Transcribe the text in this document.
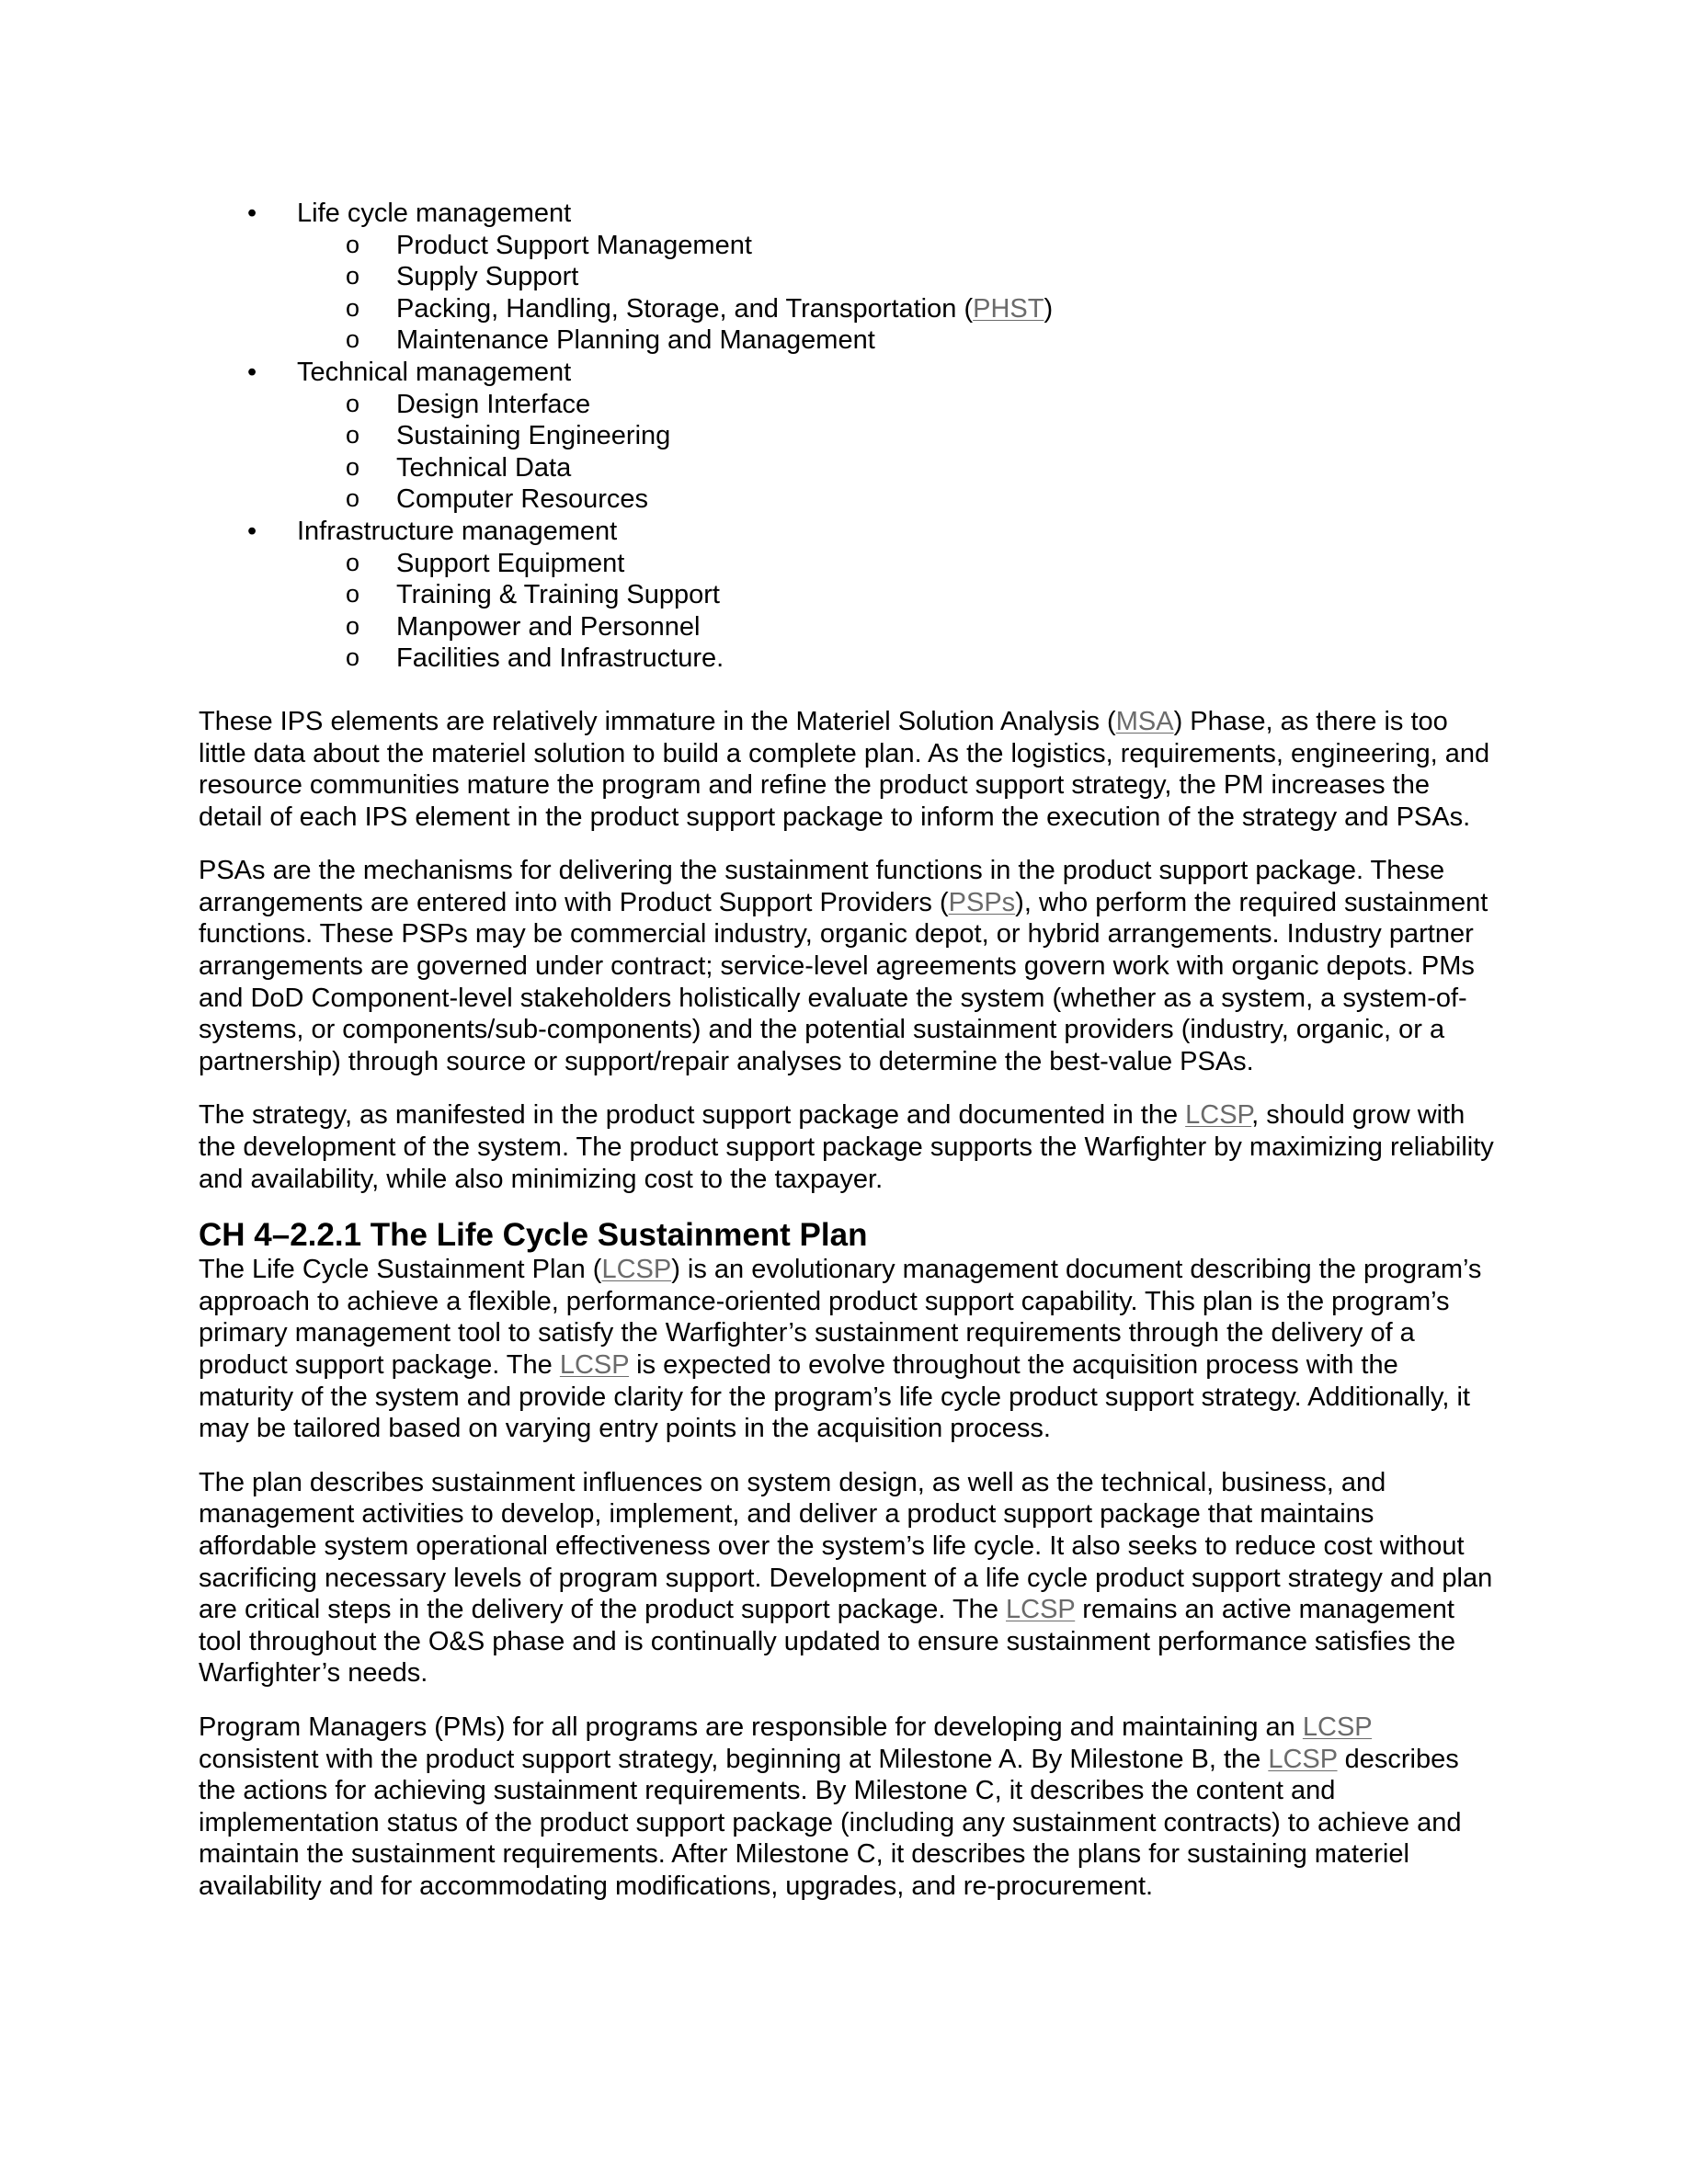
•	Life cycle management
o	Product Support Management
o	Supply Support
o	Packing, Handling, Storage, and Transportation (PHST)
o	Maintenance Planning and Management
•	Technical management
o	Design Interface
o	Sustaining Engineering
o	Technical Data
o	Computer Resources
•	Infrastructure management
o	Support Equipment
o	Training & Training Support
o	Manpower and Personnel
o	Facilities and Infrastructure.

These IPS elements are relatively immature in the Materiel Solution Analysis (MSA) Phase, as there is too little data about the materiel solution to build a complete plan. As the logistics, requirements, engineering, and resource communities mature the program and refine the product support strategy, the PM increases the detail of each IPS element in the product support package to inform the execution of the strategy and PSAs.

PSAs are the mechanisms for delivering the sustainment functions in the product support package. These arrangements are entered into with Product Support Providers (PSPs), who perform the required sustainment functions. These PSPs may be commercial industry, organic depot, or hybrid arrangements. Industry partner arrangements are governed under contract; service-level agreements govern work with organic depots. PMs and DoD Component-level stakeholders holistically evaluate the system (whether as a system, a system-of-systems, or components/sub-components) and the potential sustainment providers (industry, organic, or a partnership) through source or support/repair analyses to determine the best-value PSAs.

The strategy, as manifested in the product support package and documented in the LCSP, should grow with the development of the system. The product support package supports the Warfighter by maximizing reliability and availability, while also minimizing cost to the taxpayer.

CH 4–2.2.1 The Life Cycle Sustainment Plan

The Life Cycle Sustainment Plan (LCSP) is an evolutionary management document describing the program’s approach to achieve a flexible, performance-oriented product support capability. This plan is the program’s primary management tool to satisfy the Warfighter’s sustainment requirements through the delivery of a product support package. The LCSP is expected to evolve throughout the acquisition process with the maturity of the system and provide clarity for the program’s life cycle product support strategy. Additionally, it may be tailored based on varying entry points in the acquisition process.

The plan describes sustainment influences on system design, as well as the technical, business, and management activities to develop, implement, and deliver a product support package that maintains affordable system operational effectiveness over the system’s life cycle. It also seeks to reduce cost without sacrificing necessary levels of program support. Development of a life cycle product support strategy and plan are critical steps in the delivery of the product support package. The LCSP remains an active management tool throughout the O&S phase and is continually updated to ensure sustainment performance satisfies the Warfighter’s needs.

Program Managers (PMs) for all programs are responsible for developing and maintaining an LCSP consistent with the product support strategy, beginning at Milestone A. By Milestone B, the LCSP describes the actions for achieving sustainment requirements. By Milestone C, it describes the content and implementation status of the product support package (including any sustainment contracts) to achieve and maintain the sustainment requirements. After Milestone C, it describes the plans for sustaining materiel availability and for accommodating modifications, upgrades, and re-procurement.
